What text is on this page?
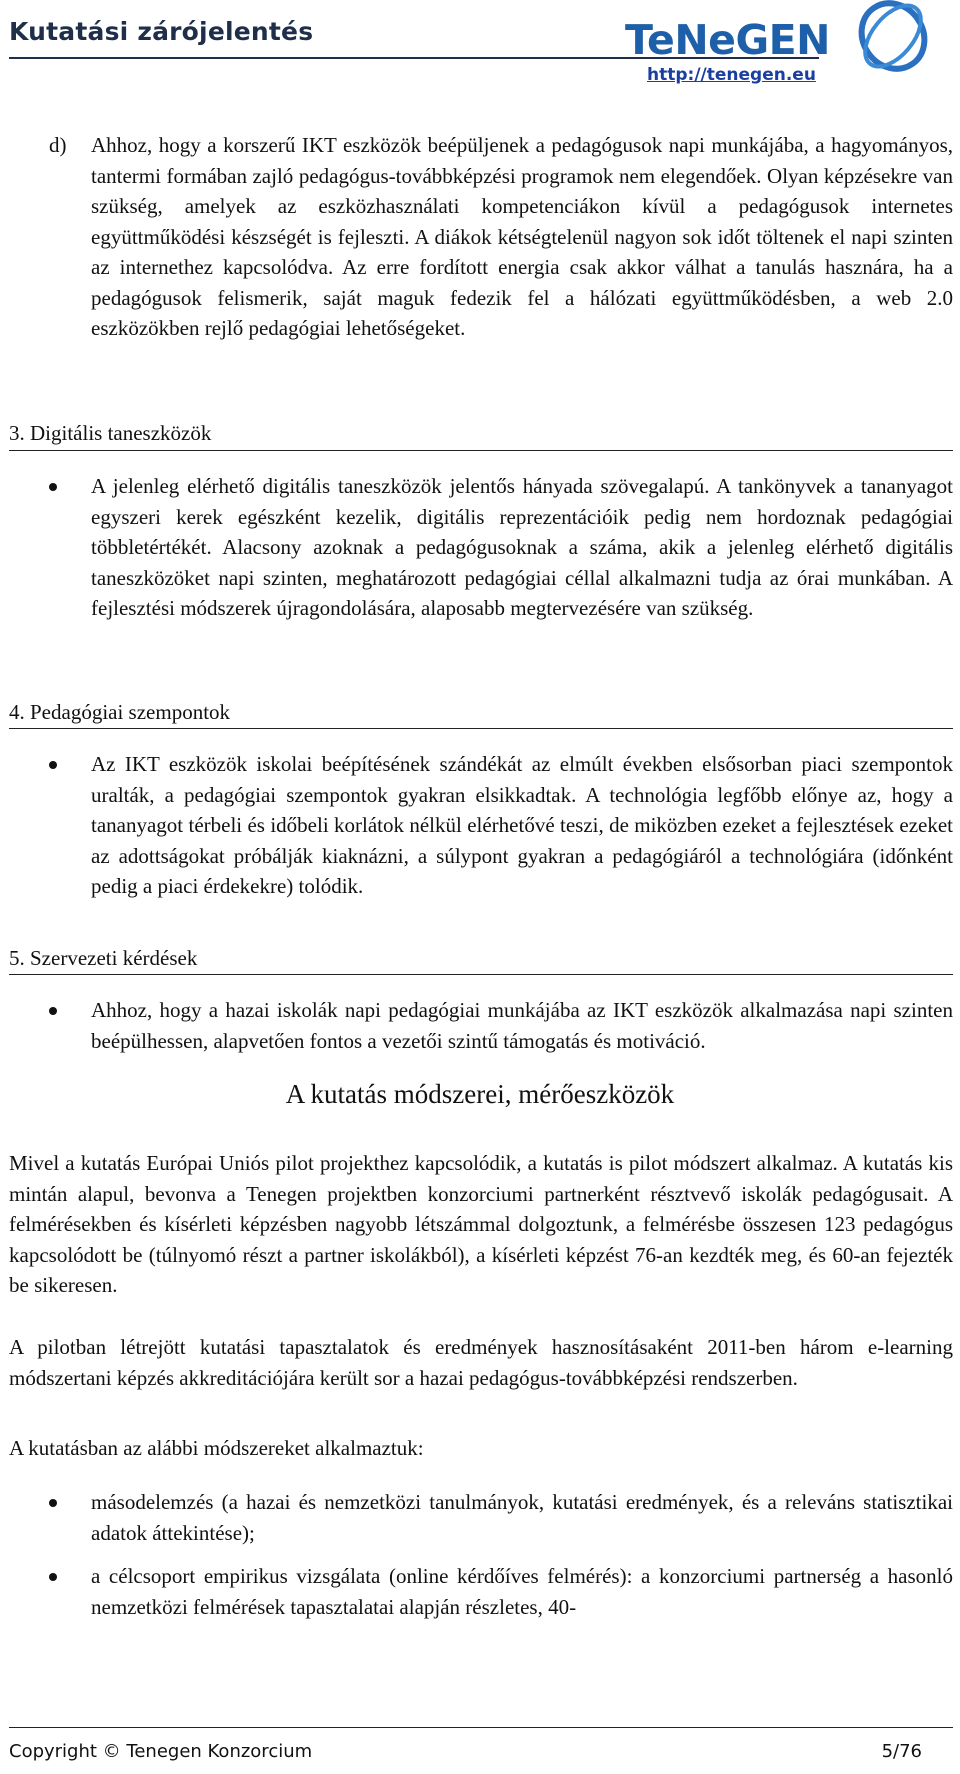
Kutatási zárójelentés	TeNeGEN
http://tenegen.eu
d) Ahhoz, hogy a korszerű IKT eszközök beépüljenek a pedagógusok napi munkájába, a hagyományos, tantermi formában zajló pedagógus-továbbképzési programok nem elegendőek. Olyan képzésekre van szükség, amelyek az eszközhasználati kompetenciákon kívül a pedagógusok internetes együttműködési készségét is fejleszti. A diákok kétségtelenül nagyon sok időt töltenek el napi szinten az internethez kapcsolódva. Az erre fordított energia csak akkor válhat a tanulás hasznára, ha a pedagógusok felismerik, saját maguk fedezik fel a hálózati együttműködésben, a web 2.0 eszközökben rejlő pedagógiai lehetőségeket.
3. Digitális taneszközök
A jelenleg elérhető digitális taneszközök jelentős hányada szövegalapú. A tankönyvek a tananyagot egyszeri kerek egészként kezelik, digitális reprezentációik pedig nem hordoznak pedagógiai többletértékét. Alacsony azoknak a pedagógusoknak a száma, akik a jelenleg elérhető digitális taneszközöket napi szinten, meghatározott pedagógiai céllal alkalmazni tudja az órai munkában. A fejlesztési módszerek újragondolására, alaposabb megtervezésére van szükség.
4. Pedagógiai szempontok
Az IKT eszközök iskolai beépítésének szándékát az elmúlt években elsősorban piaci szempontok uralták, a pedagógiai szempontok gyakran elsikkadtak. A technológia legfőbb előnye az, hogy a tananyagot térbeli és időbeli korlátok nélkül elérhetővé teszi, de miközben ezeket a fejlesztések ezeket az adottságokat próbálják kiaknázni, a súlypont gyakran a pedagógiáról a technológiára (időnként pedig a piaci érdekekre) tolódik.
5. Szervezeti kérdések
Ahhoz, hogy a hazai iskolák napi pedagógiai munkájába az IKT eszközök alkalmazása napi szinten beépülhessen, alapvetően fontos a vezetői szintű támogatás és motiváció.
A kutatás módszerei, mérőeszközök
Mivel a kutatás Európai Uniós pilot projekthez kapcsolódik, a kutatás is pilot módszert alkalmaz. A kutatás kis mintán alapul, bevonva a Tenegen projektben konzorciumi partnerként résztvevő iskolák pedagógusait. A felmérésekben és kísérleti képzésben nagyobb létszámmal dolgoztunk, a felmérésbe összesen 123 pedagógus kapcsolódott be (túlnyomó részt a partner iskolákból), a kísérleti képzést 76-an kezdték meg, és 60-an fejezték be sikeresen.
A pilotban létrejött kutatási tapasztalatok és eredmények hasznosításaként 2011-ben három e-learning módszertani képzés akkreditációjára került sor a hazai pedagógus-továbbképzési rendszerben.
A kutatásban az alábbi módszereket alkalmaztuk:
másodelemzés (a hazai és nemzetközi tanulmányok, kutatási eredmények, és a releváns statisztikai adatok áttekintése);
a célcsoport empirikus vizsgálata (online kérdőíves felmérés): a konzorciumi partnerség a hasonló nemzetközi felmérések tapasztalatai alapján részletes, 40-
Copyright © Tenegen Konzorcium	5/76
